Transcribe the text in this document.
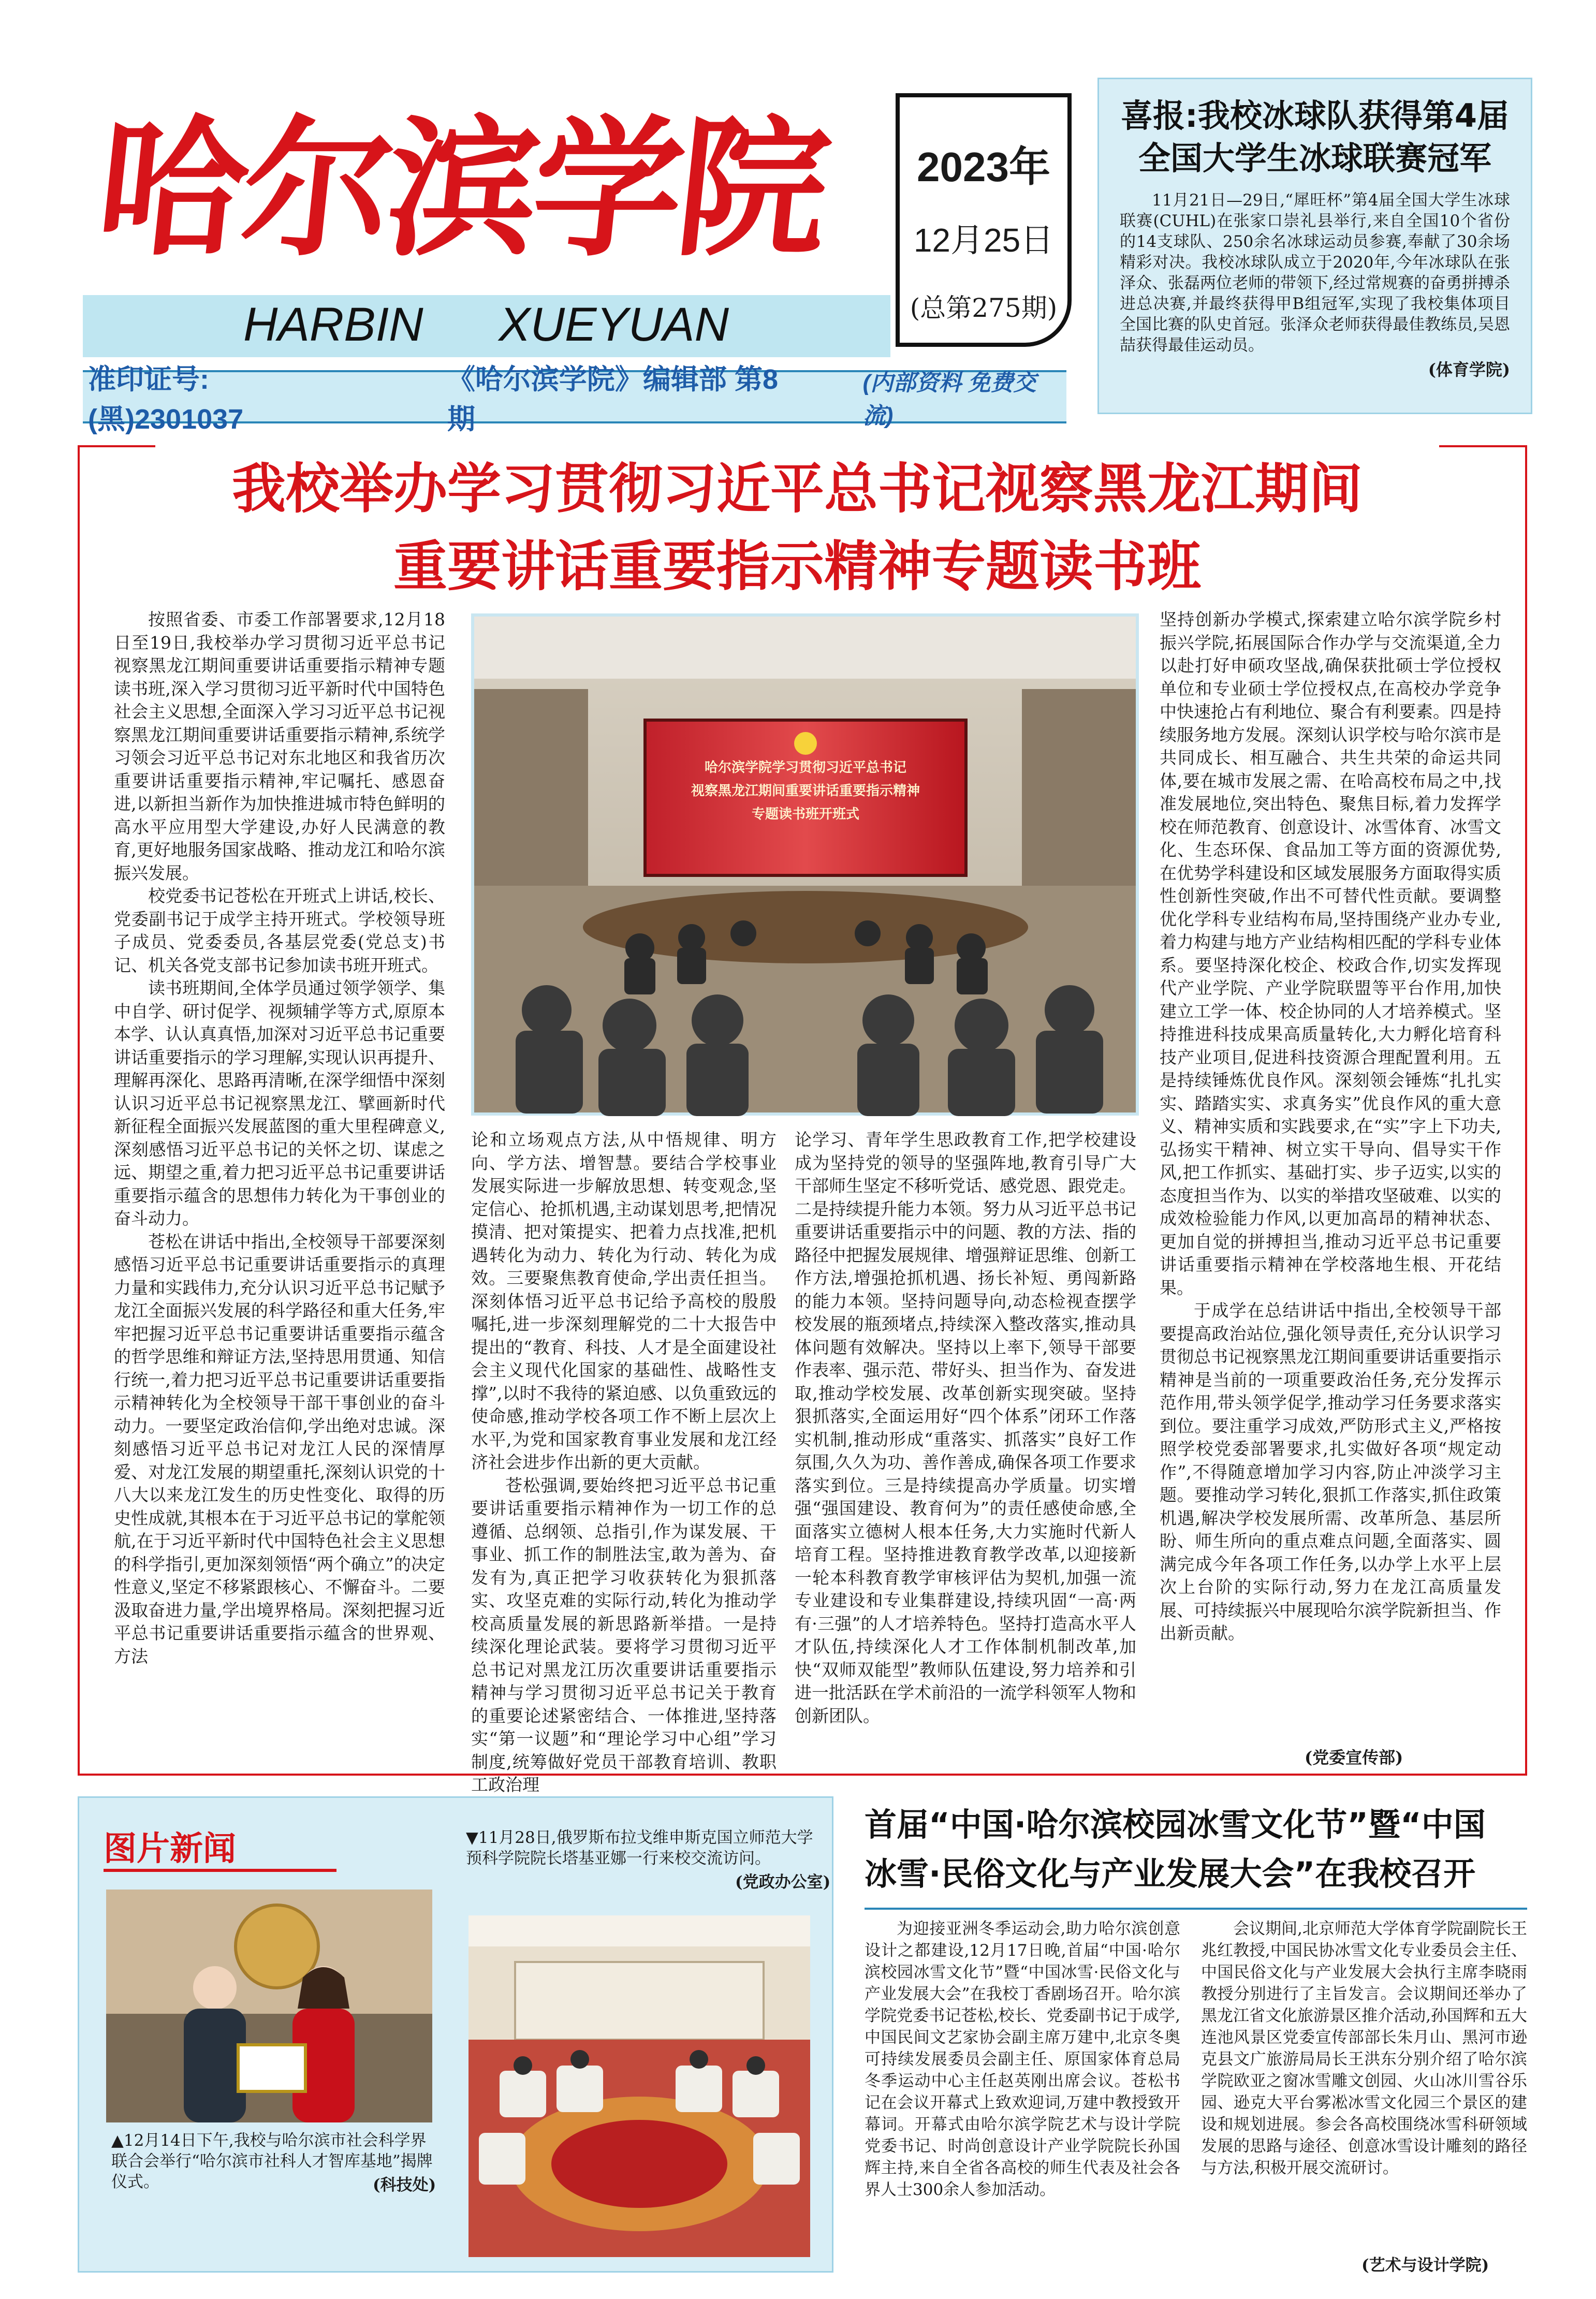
哈尔滨学院
HARBIN XUEYUAN
2023年
12月25日
(总第275期)
准印证号:(黑)2301037
《哈尔滨学院》编辑部 第8期
(内部资料 免费交流)
喜报:我校冰球队获得第4届
全国大学生冰球联赛冠军
11月21日—29日,“犀旺杯”第4届全国大学生冰球联赛(CUHL)在张家口崇礼县举行,来自全国10个省份的14支球队、250余名冰球运动员参赛,奉献了30余场精彩对决。我校冰球队成立于2020年,今年冰球队在张泽众、张磊两位老师的带领下,经过常规赛的奋勇拼搏杀进总决赛,并最终获得甲B组冠军,实现了我校集体项目全国比赛的队史首冠。张泽众老师获得最佳教练员,吴恩喆获得最佳运动员。
(体育学院)
我校举办学习贯彻习近平总书记视察黑龙江期间
重要讲话重要指示精神专题读书班

按照省委、市委工作部署要求,12月18日至19日,我校举办学习贯彻习近平总书记视察黑龙江期间重要讲话重要指示精神专题读书班,深入学习贯彻习近平新时代中国特色社会主义思想,全面深入学习习近平总书记视察黑龙江期间重要讲话重要指示精神,系统学习领会习近平总书记对东北地区和我省历次重要讲话重要指示精神,牢记嘱托、感恩奋进,以新担当新作为加快推进城市特色鲜明的高水平应用型大学建设,办好人民满意的教育,更好地服务国家战略、推动龙江和哈尔滨振兴发展。

校党委书记苍松在开班式上讲话,校长、党委副书记于成学主持开班式。学校领导班子成员、党委委员,各基层党委(党总支)书记、机关各党支部书记参加读书班开班式。

读书班期间,全体学员通过领学领学、集中自学、研讨促学、视频辅学等方式,原原本本学、认认真真悟,加深对习近平总书记重要讲话重要指示的学习理解,实现认识再提升、理解再深化、思路再清晰,在深学细悟中深刻认识习近平总书记视察黑龙江、擘画新时代新征程全面振兴发展蓝图的重大里程碑意义,深刻感悟习近平总书记的关怀之切、谋虑之远、期望之重,着力把习近平总书记重要讲话重要指示蕴含的思想伟力转化为干事创业的奋斗动力。

苍松在讲话中指出,全校领导干部要深刻感悟习近平总书记重要讲话重要指示的真理力量和实践伟力,充分认识习近平总书记赋予龙江全面振兴发展的科学路径和重大任务,牢牢把握习近平总书记重要讲话重要指示蕴含的哲学思维和辩证方法,坚持思用贯通、知信行统一,着力把习近平总书记重要讲话重要指示精神转化为全校领导干部干事创业的奋斗动力。一要坚定政治信仰,学出绝对忠诚。深刻感悟习近平总书记对龙江人民的深情厚爱、对龙江发展的期望重托,深刻认识党的十八大以来龙江发生的历史性变化、取得的历史性成就,其根本在于习近平总书记的掌舵领航,在于习近平新时代中国特色社会主义思想的科学指引,更加深刻领悟“两个确立”的决定性意义,坚定不移紧跟核心、不懈奋斗。二要汲取奋进力量,学出境界格局。深刻把握习近平总书记重要讲话重要指示蕴含的世界观、方法

哈尔滨学院学习贯彻习近平总书记
视察黑龙江期间重要讲话重要指示精神
专题读书班开班式

论和立场观点方法,从中悟规律、明方向、学方法、增智慧。要结合学校事业发展实际进一步解放思想、转变观念,坚定信心、抢抓机遇,主动谋划思考,把情况摸清、把对策提实、把着力点找准,把机遇转化为动力、转化为行动、转化为成效。三要聚焦教育使命,学出责任担当。深刻体悟习近平总书记给予高校的殷殷嘱托,进一步深刻理解党的二十大报告中提出的“教育、科技、人才是全面建设社会主义现代化国家的基础性、战略性支撑”,以时不我待的紧迫感、以负重致远的使命感,推动学校各项工作不断上层次上水平,为党和国家教育事业发展和龙江经济社会进步作出新的更大贡献。

苍松强调,要始终把习近平总书记重要讲话重要指示精神作为一切工作的总遵循、总纲领、总指引,作为谋发展、干事业、抓工作的制胜法宝,敢为善为、奋发有为,真正把学习收获转化为狠抓落实、攻坚克难的实际行动,转化为推动学校高质量发展的新思路新举措。一是持续深化理论武装。要将学习贯彻习近平总书记对黑龙江历次重要讲话重要指示精神与学习贯彻习近平总书记关于教育的重要论述紧密结合、一体推进,坚持落实“第一议题”和“理论学习中心组”学习制度,统筹做好党员干部教育培训、教职工政治理

论学习、青年学生思政教育工作,把学校建设成为坚持党的领导的坚强阵地,教育引导广大干部师生坚定不移听党话、感党恩、跟党走。二是持续提升能力本领。努力从习近平总书记重要讲话重要指示中的问题、教的方法、指的路径中把握发展规律、增强辩证思维、创新工作方法,增强抢抓机遇、扬长补短、勇闯新路的能力本领。坚持问题导向,动态检视查摆学校发展的瓶颈堵点,持续深入整改落实,推动具体问题有效解决。坚持以上率下,领导干部要作表率、强示范、带好头、担当作为、奋发进取,推动学校发展、改革创新实现突破。坚持狠抓落实,全面运用好“四个体系”闭环工作落实机制,推动形成“重落实、抓落实”良好工作氛围,久久为功、善作善成,确保各项工作要求落实到位。三是持续提高办学质量。切实增强“强国建设、教育何为”的责任感使命感,全面落实立德树人根本任务,大力实施时代新人培育工程。坚持推进教育教学改革,以迎接新一轮本科教育教学审核评估为契机,加强一流专业建设和专业集群建设,持续巩固“一高·两有·三强”的人才培养特色。坚持打造高水平人才队伍,持续深化人才工作体制机制改革,加快“双师双能型”教师队伍建设,努力培养和引进一批活跃在学术前沿的一流学科领军人物和创新团队。

坚持创新办学模式,探索建立哈尔滨学院乡村振兴学院,拓展国际合作办学与交流渠道,全力以赴打好申硕攻坚战,确保获批硕士学位授权单位和专业硕士学位授权点,在高校办学竞争中快速抢占有利地位、聚合有利要素。四是持续服务地方发展。深刻认识学校与哈尔滨市是共同成长、相互融合、共生共荣的命运共同体,要在城市发展之需、在哈高校布局之中,找准发展地位,突出特色、聚焦目标,着力发挥学校在师范教育、创意设计、冰雪体育、冰雪文化、生态环保、食品加工等方面的资源优势,在优势学科建设和区域发展服务方面取得实质性创新性突破,作出不可替代性贡献。要调整优化学科专业结构布局,坚持围绕产业办专业,着力构建与地方产业结构相匹配的学科专业体系。要坚持深化校企、校政合作,切实发挥现代产业学院、产业学院联盟等平台作用,加快建立工学一体、校企协同的人才培养模式。坚持推进科技成果高质量转化,大力孵化培育科技产业项目,促进科技资源合理配置利用。五是持续锤炼优良作风。深刻领会锤炼“扎扎实实、踏踏实实、求真务实”优良作风的重大意义、精神实质和实践要求,在“实”字上下功夫,弘扬实干精神、树立实干导向、倡导实干作风,把工作抓实、基础打实、步子迈实,以实的态度担当作为、以实的举措攻坚破难、以实的成效检验能力作风,以更加高昂的精神状态、更加自觉的拼搏担当,推动习近平总书记重要讲话重要指示精神在学校落地生根、开花结果。

于成学在总结讲话中指出,全校领导干部要提高政治站位,强化领导责任,充分认识学习贯彻总书记视察黑龙江期间重要讲话重要指示精神是当前的一项重要政治任务,充分发挥示范作用,带头领学促学,推动学习任务要求落实到位。要注重学习成效,严防形式主义,严格按照学校党委部署要求,扎实做好各项“规定动作”,不得随意增加学习内容,防止冲淡学习主题。要推动学习转化,狠抓工作落实,抓住政策机遇,解决学校发展所需、改革所急、基层所盼、师生所向的重点难点问题,全面落实、圆满完成今年各项工作任务,以办学上水平上层次上台阶的实际行动,努力在龙江高质量发展、可持续振兴中展现哈尔滨学院新担当、作出新贡献。

(党委宣传部)
图片新闻
▲12月14日下午,我校与哈尔滨市社会科学界联合会举行“哈尔滨市社科人才智库基地”揭牌仪式。	(科技处)
▼11月28日,俄罗斯布拉戈维申斯克国立师范大学预科学院院长塔基亚娜一行来校交流访问。
(党政办公室)
首届“中国·哈尔滨校园冰雪文化节”暨“中国
冰雪·民俗文化与产业发展大会”在我校召开

为迎接亚洲冬季运动会,助力哈尔滨创意设计之都建设,12月17日晚,首届“中国·哈尔滨校园冰雪文化节”暨“中国冰雪·民俗文化与产业发展大会”在我校丁香剧场召开。哈尔滨学院党委书记苍松,校长、党委副书记于成学,中国民间文艺家协会副主席万建中,北京冬奥可持续发展委员会副主任、原国家体育总局冬季运动中心主任赵英刚出席会议。苍松书记在会议开幕式上致欢迎词,万建中教授致开幕词。开幕式由哈尔滨学院艺术与设计学院党委书记、时尚创意设计产业学院院长孙国辉主持,来自全省各高校的师生代表及社会各界人士300余人参加活动。

会议期间,北京师范大学体育学院副院长王兆红教授,中国民协冰雪文化专业委员会主任、中国民俗文化与产业发展大会执行主席李晓雨教授分别进行了主旨发言。会议期间还举办了黑龙江省文化旅游景区推介活动,孙国辉和五大连池风景区党委宣传部部长朱月山、黑河市逊克县文广旅游局局长王洪东分别介绍了哈尔滨学院欧亚之窗冰雪雕文创园、火山冰川雪谷乐园、逊克大平台雾凇冰雪文化园三个景区的建设和规划进展。参会各高校围绕冰雪科研领域发展的思路与途径、创意冰雪设计雕刻的路径与方法,积极开展交流研讨。

(艺术与设计学院)
